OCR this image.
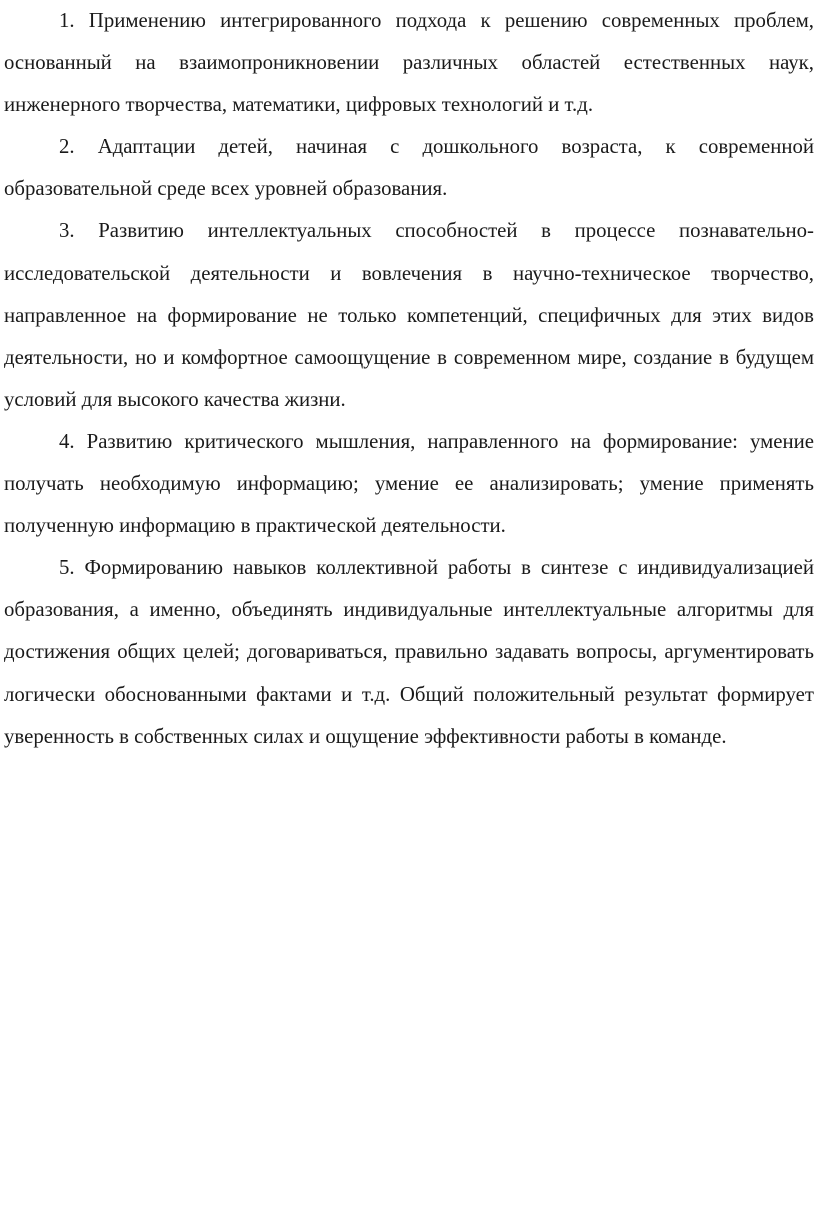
1. Применению интегрированного подхода к решению современных проблем, основанный на взаимопроникновении различных областей естественных наук, инженерного творчества, математики, цифровых технологий и т.д.

2. Адаптации детей, начиная с дошкольного возраста, к современной образовательной среде всех уровней образования.

3. Развитию интеллектуальных способностей в процессе познавательно-исследовательской деятельности и вовлечения в научно-техническое творчество, направленное на формирование не только компетенций, специфичных для этих видов деятельности, но и комфортное самоощущение в современном мире, создание в будущем условий для высокого качества жизни.

4. Развитию критического мышления, направленного на формирование: умение получать необходимую информацию; умение ее анализировать; умение применять полученную информацию в практической деятельности.

5. Формированию навыков коллективной работы в синтезе с индивидуализацией образования, а именно, объединять индивидуальные интеллектуальные алгоритмы для достижения общих целей; договариваться, правильно задавать вопросы, аргументировать логически обоснованными фактами и т.д. Общий положительный результат формирует уверенность в собственных силах и ощущение эффективности работы в команде.
